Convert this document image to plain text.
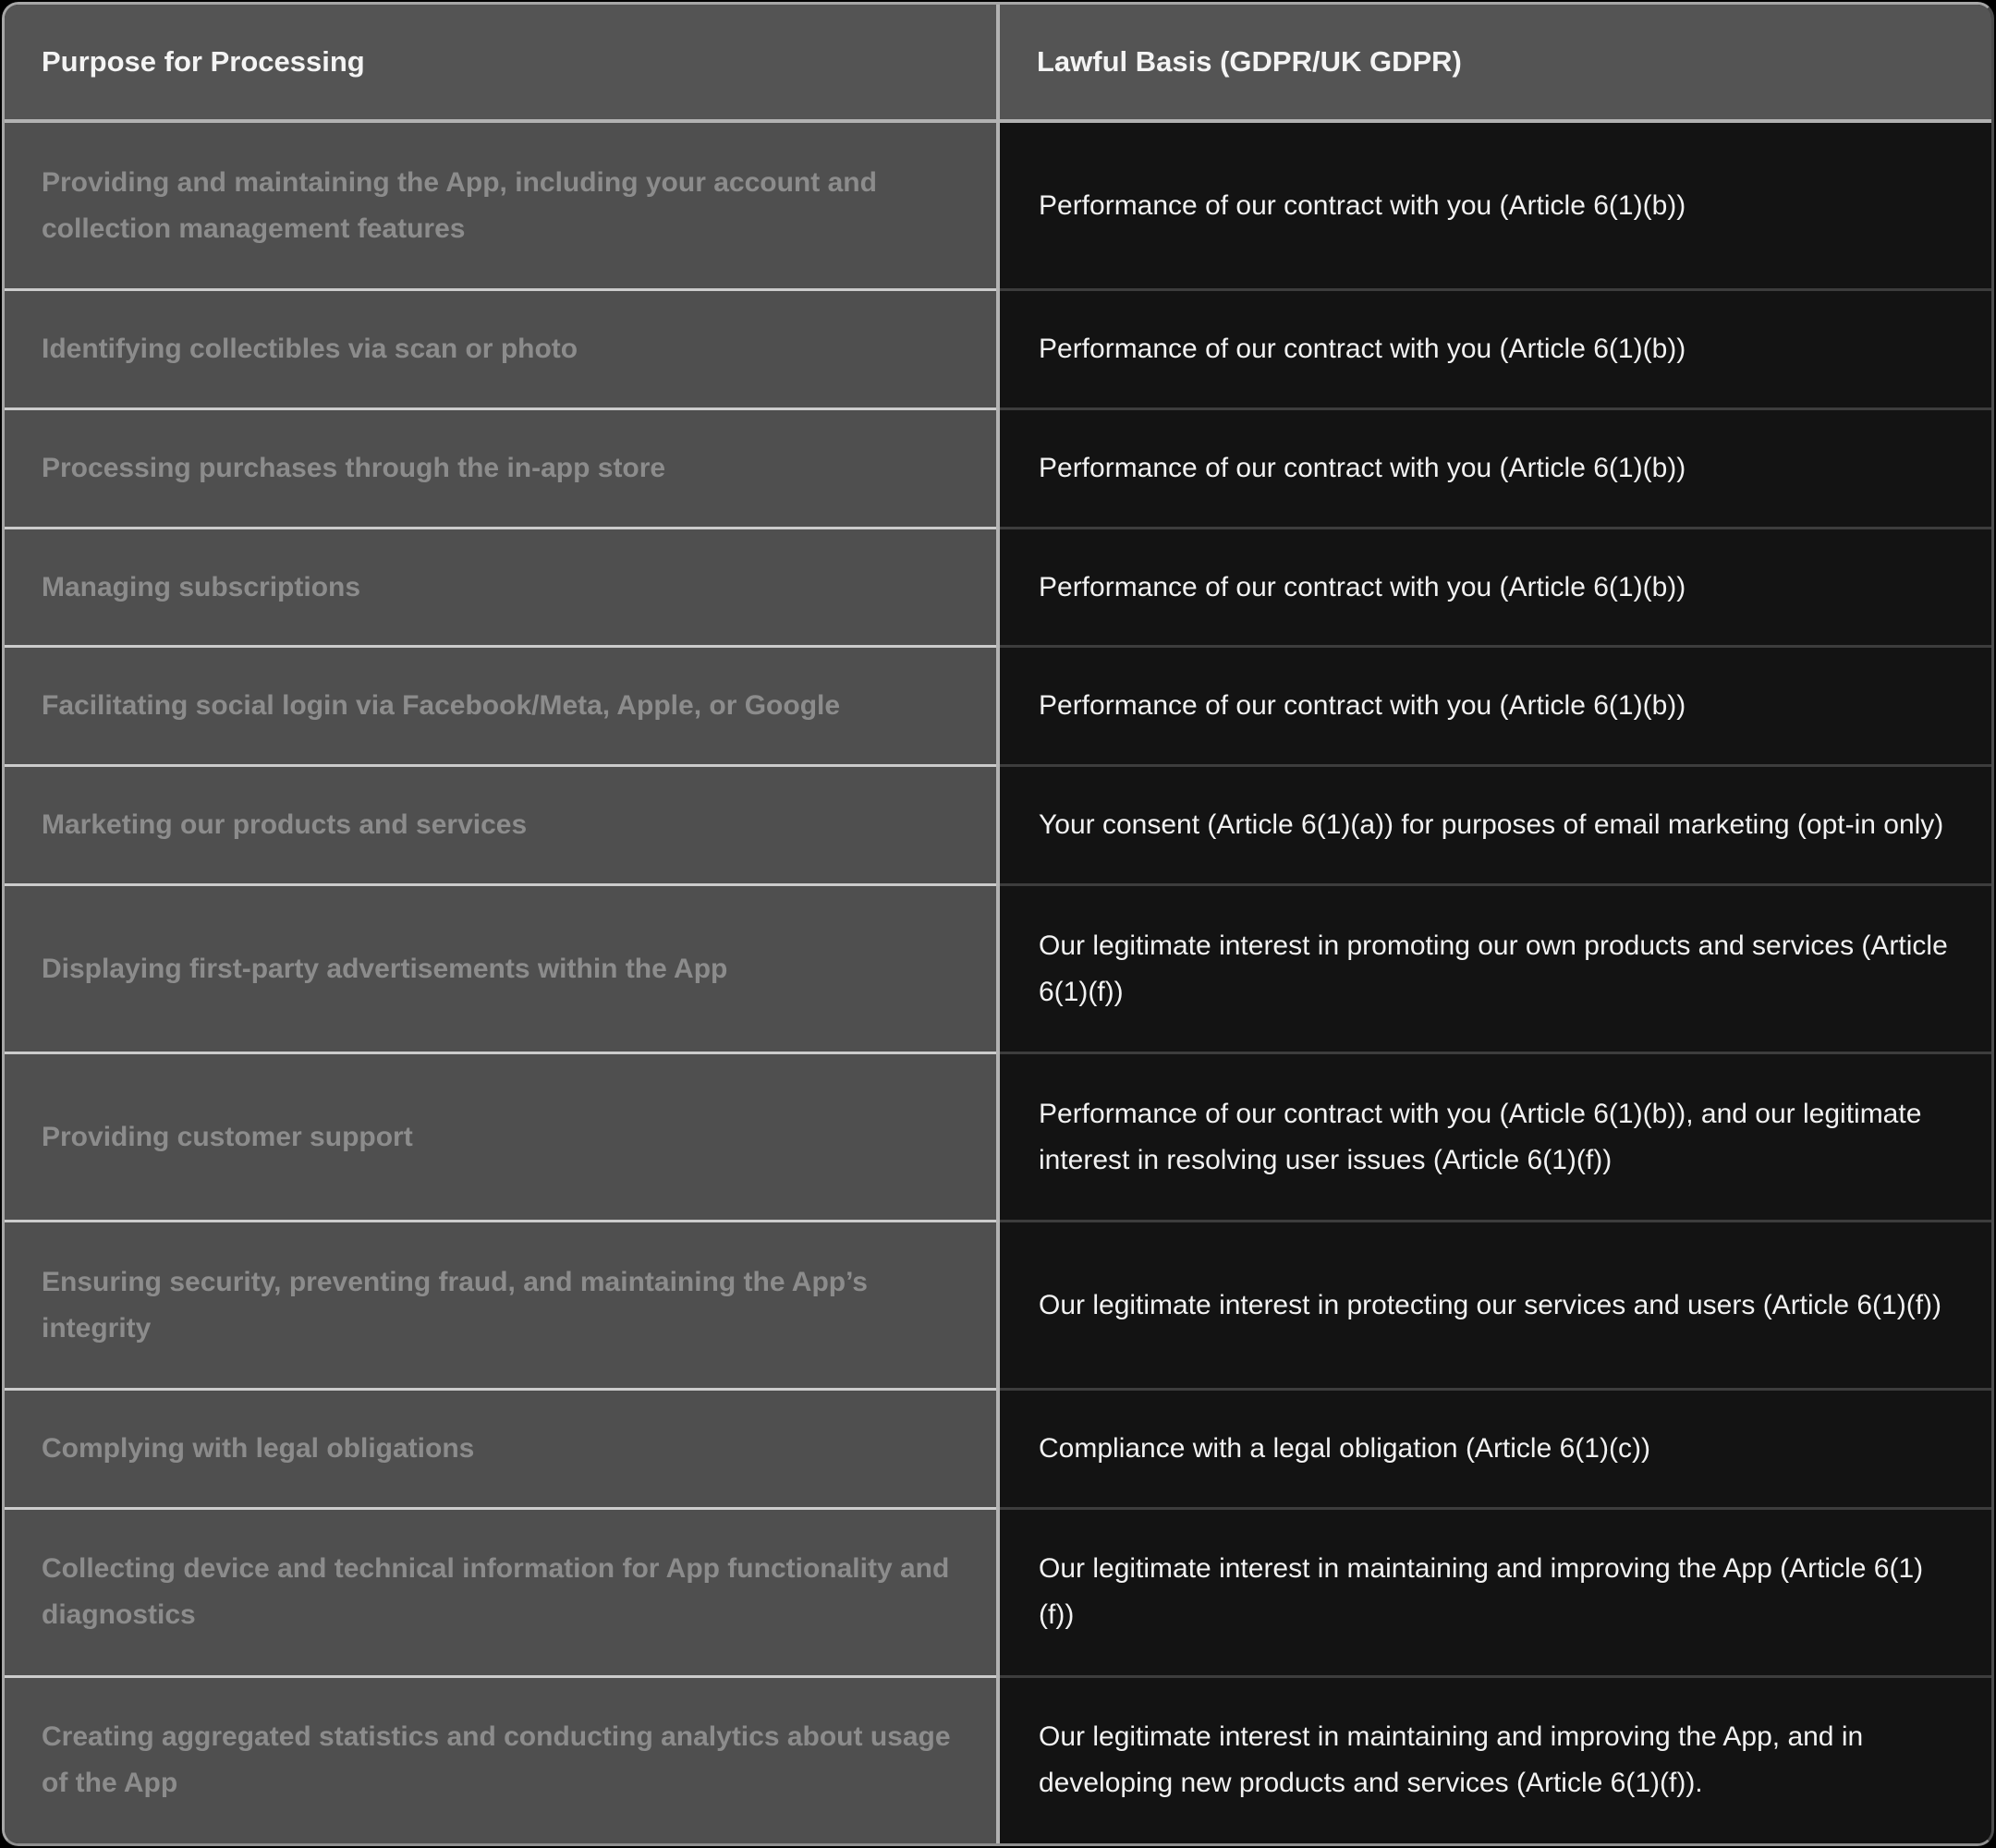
Purpose for Processing	Lawful Basis (GDPR/UK GDPR)
Providing and maintaining the App, including your account and collection management features	Performance of our contract with you (Article 6(1)(b))
Identifying collectibles via scan or photo	Performance of our contract with you (Article 6(1)(b))
Processing purchases through the in-app store	Performance of our contract with you (Article 6(1)(b))
Managing subscriptions	Performance of our contract with you (Article 6(1)(b))
Facilitating social login via Facebook/Meta, Apple, or Google	Performance of our contract with you (Article 6(1)(b))
Marketing our products and services	Your consent (Article 6(1)(a)) for purposes of email marketing (opt-in only)
Displaying first-party advertisements within the App	Our legitimate interest in promoting our own products and services (Article 6(1)(f))
Providing customer support	Performance of our contract with you (Article 6(1)(b)), and our legitimate interest in resolving user issues (Article 6(1)(f))
Ensuring security, preventing fraud, and maintaining the App’s integrity	Our legitimate interest in protecting our services and users (Article 6(1)(f))
Complying with legal obligations	Compliance with a legal obligation (Article 6(1)(c))
Collecting device and technical information for App functionality and diagnostics	Our legitimate interest in maintaining and improving the App (Article 6(1)(f))
Creating aggregated statistics and conducting analytics about usage of the App	Our legitimate interest in maintaining and improving the App, and in developing new products and services (Article 6(1)(f)).
